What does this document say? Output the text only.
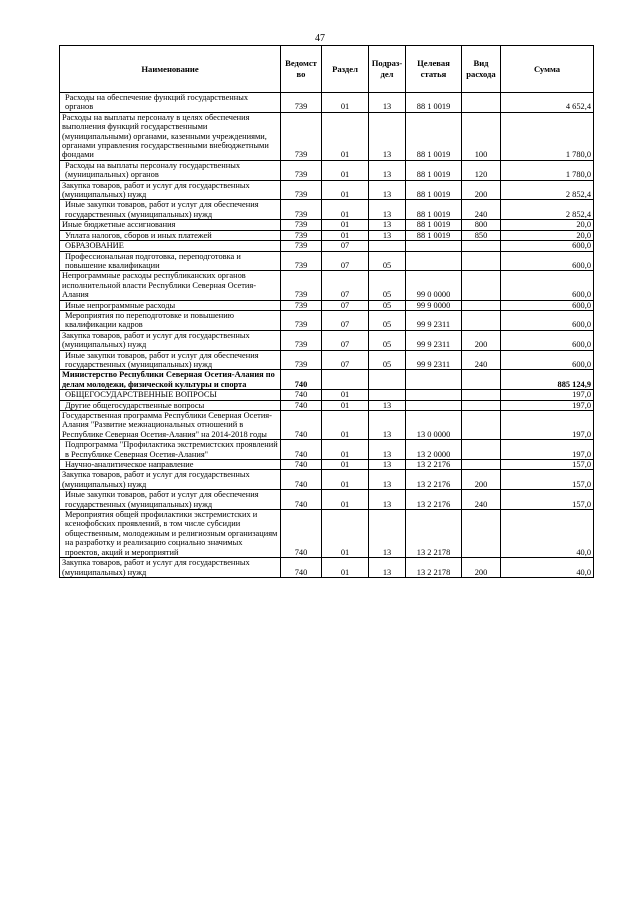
47
Наименование	Ведомст во	Раздел	Подраз- дел	Целевая статья	Вид расхода	Сумма
Расходы на обеспечение функций государственных органов	739	01	13	88 1 0019		4 652,4
Расходы на выплаты персоналу в целях обеспечения выполнения функций государственными (муниципальными) органами, казенными учреждениями, органами управления государственными внебюджетными фондами	739	01	13	88 1 0019	100	1 780,0
Расходы на выплаты персоналу государственных (муниципальных) органов	739	01	13	88 1 0019	120	1 780,0
Закупка товаров, работ и услуг для государственных (муниципальных) нужд	739	01	13	88 1 0019	200	2 852,4
Иные закупки товаров, работ и услуг для обеспечения государственных (муниципальных) нужд	739	01	13	88 1 0019	240	2 852,4
Иные бюджетные ассигнования	739	01	13	88 1 0019	800	20,0
Уплата налогов, сборов и иных платежей	739	01	13	88 1 0019	850	20,0
ОБРАЗОВАНИЕ	739	07				600,0
Профессиональная подготовка, переподготовка и повышение квалификации	739	07	05			600,0
Непрограммные расходы республиканских органов исполнительной власти Республики Северная Осетия-Алания	739	07	05	99 0 0000		600,0
Иные непрограммные расходы	739	07	05	99 9 0000		600,0
Мероприятия по переподготовке и повышению квалификации кадров	739	07	05	99 9 2311		600,0
Закупка товаров, работ и услуг для государственных (муниципальных) нужд	739	07	05	99 9 2311	200	600,0
Иные закупки товаров, работ и услуг для обеспечения государственных (муниципальных) нужд	739	07	05	99 9 2311	240	600,0
Министерство Республики Северная Осетия-Алания по делам молодежи, физической культуры и спорта	740					885 124,9
ОБЩЕГОСУДАРСТВЕННЫЕ ВОПРОСЫ	740	01				197,0
Другие общегосударственные вопросы	740	01	13			197,0
Государственная программа Республики Северная Осетия-Алания "Развитие межнациональных отношений в Республике Северная Осетия-Алания" на 2014-2018 годы	740	01	13	13 0 0000		197,0
Подпрограмма "Профилактика экстремистских проявлений в Республике Северная Осетия-Алания"	740	01	13	13 2 0000		197,0
Научно-аналитическое направление	740	01	13	13 2 2176		157,0
Закупка товаров, работ и услуг для государственных (муниципальных) нужд	740	01	13	13 2 2176	200	157,0
Иные закупки товаров, работ и услуг для обеспечения государственных (муниципальных) нужд	740	01	13	13 2 2176	240	157,0
Мероприятия общей профилактики экстремистских и ксенофобских проявлений, в том числе субсидии общественным, молодежным и религиозным организациям на разработку и реализацию социально значимых проектов, акций и мероприятий	740	01	13	13 2 2178		40,0
Закупка товаров, работ и услуг для государственных (муниципальных) нужд	740	01	13	13 2 2178	200	40,0
